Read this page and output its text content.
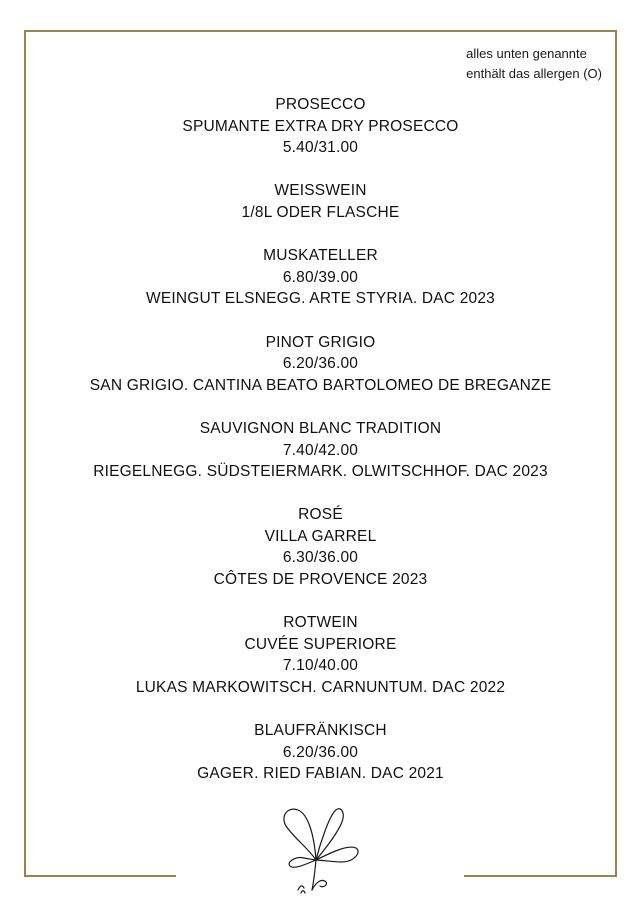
alles unten genannte
enthält das allergen (O)
PROSECCO
SPUMANTE EXTRA DRY PROSECCO
5.40/31.00
WEISSWEIN
1/8L ODER FLASCHE
MUSKATELLER
6.80/39.00
WEINGUT ELSNEGG. ARTE STYRIA. DAC 2023
PINOT GRIGIO
6.20/36.00
SAN GRIGIO. CANTINA BEATO BARTOLOMEO DE BREGANZE
SAUVIGNON BLANC TRADITION
7.40/42.00
RIEGELNEGG. SÜDSTEIERMARK. OLWITSCHHOF. DAC 2023
ROSÉ
VILLA GARREL
6.30/36.00
CÔTES DE PROVENCE 2023
ROTWEIN
CUVÉE SUPERIORE
7.10/40.00
LUKAS MARKOWITSCH. CARNUNTUM. DAC 2022
BLAUFRÄNKISCH
6.20/36.00
GAGER. RIED FABIAN. DAC 2021
